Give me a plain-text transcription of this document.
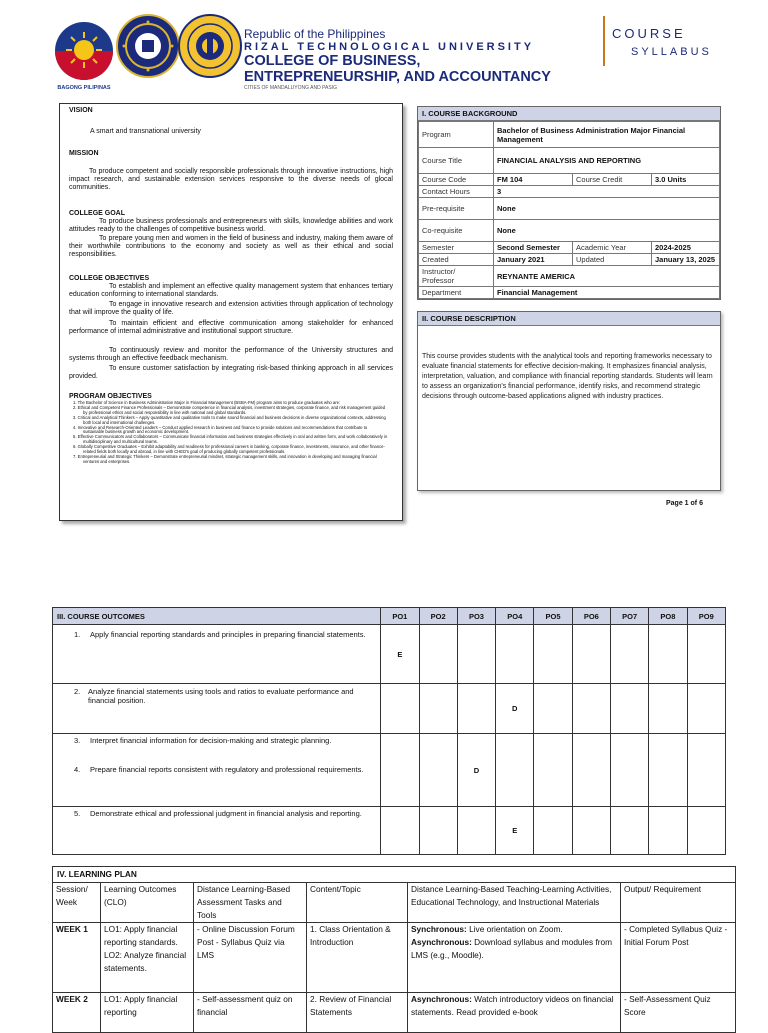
BAGONG PILIPINAS
Republic of the Philippines
RIZAL TECHNOLOGICAL UNIVERSITY
COLLEGE OF BUSINESS,
ENTREPRENEURSHIP, AND ACCOUNTANCY
CITIES OF MANDALUYONG AND PASIG
COURSE
SYLLABUS
VISION
A smart and transnational university
MISSION
To produce competent and socially responsible professionals through innovative instructions, high impact research, and sustainable extension services responsive to the diverse needs of glocal communities.
COLLEGE GOAL
To produce business professionals and entrepreneurs with skills, knowledge abilities and work attitudes ready to the challenges of competitive business world.
To prepare young men and women in the field of business and industry, making them aware of their worthwhile contributions to the economy and society as well as their ethical and social responsibilities.
COLLEGE OBJECTIVES
To establish and implement an effective quality management system that enhances tertiary education conforming to international standards.
To engage in innovative research and extension activities through application of technology that will improve the quality of life.
To maintain efficient and effective communication among stakeholder for enhanced performance of internal administrative and institutional support structure.
To continuously review and monitor the performance of the University structures and systems through an effective feedback mechanism.
To ensure customer satisfaction by integrating risk-based thinking approach in all services provided.
PROGRAM OBJECTIVES
1. The Bachelor of Science in Business Administration Major in Financial Management (BSBA-FM) program aims to produce graduates who are:
2. Ethical and Competent Finance Professionals – Demonstrate competence in financial analysis, investment strategies, corporate finance, and risk management guided by professional ethics and social responsibility in line with national and global standards.
3. Critical and Analytical Thinkers – Apply quantitative and qualitative tools to make sound financial and business decisions in diverse organizational contexts, addressing both local and international challenges.
4. Innovative and Research-Oriented Leaders – Conduct applied research in business and finance to provide solutions and recommendations that contribute to sustainable business growth and economic development.
5. Effective Communicators and Collaborators – Communicate financial information and business strategies effectively in oral and written form, and work collaboratively in multidisciplinary and multicultural teams.
6. Globally Competitive Graduates – Exhibit adaptability and readiness for professional careers in banking, corporate finance, investments, insurance, and other finance-related fields both locally and abroad, in line with CHED's goal of producing globally competent professionals.
7. Entrepreneurial and Strategic Thinkers – Demonstrate entrepreneurial mindset, strategic management skills, and innovation in developing and managing financial ventures and enterprises.
I. COURSE BACKGROUND
Program	Bachelor of Business Administration Major Financial Management		
Course Title	FINANCIAL ANALYSIS AND REPORTING		
Course Code	FM 104	Course Credit	3.0 Units
Contact Hours	3		
Pre-requisite	None		
Co-requisite	None		
Semester	Second Semester	Academic Year	2024-2025
Created	January 2021	Updated	January 13, 2025
Instructor/
Professor	REYNANTE AMERICA		
Department	Financial Management		
II. COURSE DESCRIPTION
This course provides students with the analytical tools and reporting frameworks necessary to evaluate financial statements for effective decision-making. It emphasizes financial analysis, interpretation, valuation, and compliance with financial reporting standards. Students will learn to assess an organization's financial performance, identify risks, and recommend strategic decisions through outcome-based applications aligned with industry practices.
Page 1 of 6
III. COURSE OUTCOMES	PO1	PO2	PO3	PO4	PO5	PO6	PO7	PO8	PO9

1. Apply financial reporting standards and principles in preparing financial statements.	E								

2. Analyze financial statements using tools and ratios to evaluate performance and financial position.				D					

3. Interpret financial information for decision-making and strategic planning.
4. Prepare financial reports consistent with regulatory and professional requirements.			D						

5. Demonstrate ethical and professional judgment in financial analysis and reporting.				E					
IV. LEARNING PLAN					
Session/ Week	Learning Outcomes (CLO)	Distance Learning-Based Assessment Tasks and Tools	Content/Topic	Distance Learning-Based Teaching-Learning Activities, Educational Technology, and Instructional Materials	Output/ Requirement
WEEK 1	LO1: Apply financial reporting standards. LO2: Analyze financial statements.	- Online Discussion Forum Post - Syllabus Quiz via LMS	1. Class Orientation & Introduction	Synchronous: Live orientation on Zoom. Asynchronous: Download syllabus and modules from LMS (e.g., Moodle).	- Completed Syllabus Quiz - Initial Forum Post
WEEK 2	LO1: Apply financial reporting	- Self-assessment quiz on financial	2. Review of Financial Statements	Asynchronous: Watch introductory videos on financial statements. Read provided e-book	- Self-Assessment Quiz Score
